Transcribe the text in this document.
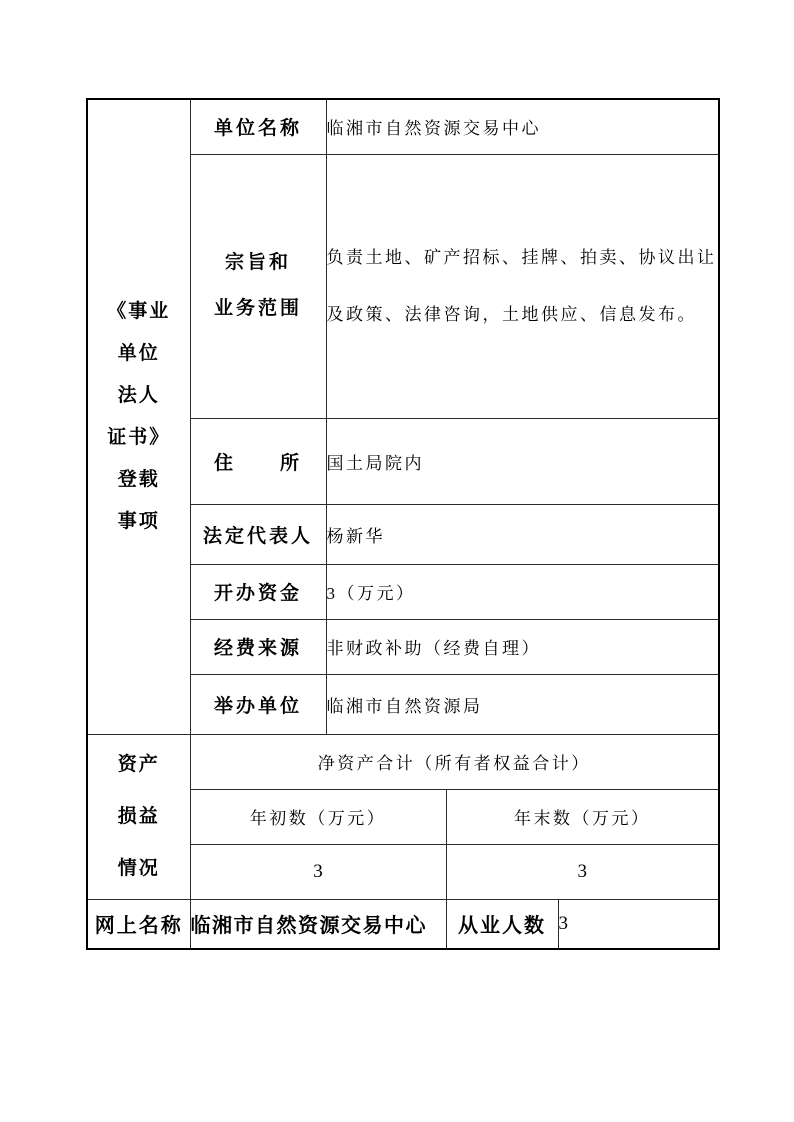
《事业
单位
法人
证书》
登载
事项
	单位名称	临湘市自然资源交易中心

	宗旨和
业务范围	负责土地、矿产招标、挂牌、拍卖、协议出让
及政策、法律咨询，土地供应、信息发布。		

	住　　所	国土局院内		
	法定代表人	杨新华		
	开办资金	3（万元）		
	经费来源	非财政补助（经费自理）		
	举办单位	临湘市自然资源局		

资产
损益
情况	净资产合计（所有者权益合计）			
	年初数（万元）		年末数（万元）	
	3		3	
网上名称	临湘市自然资源交易中心		从业人数	3
